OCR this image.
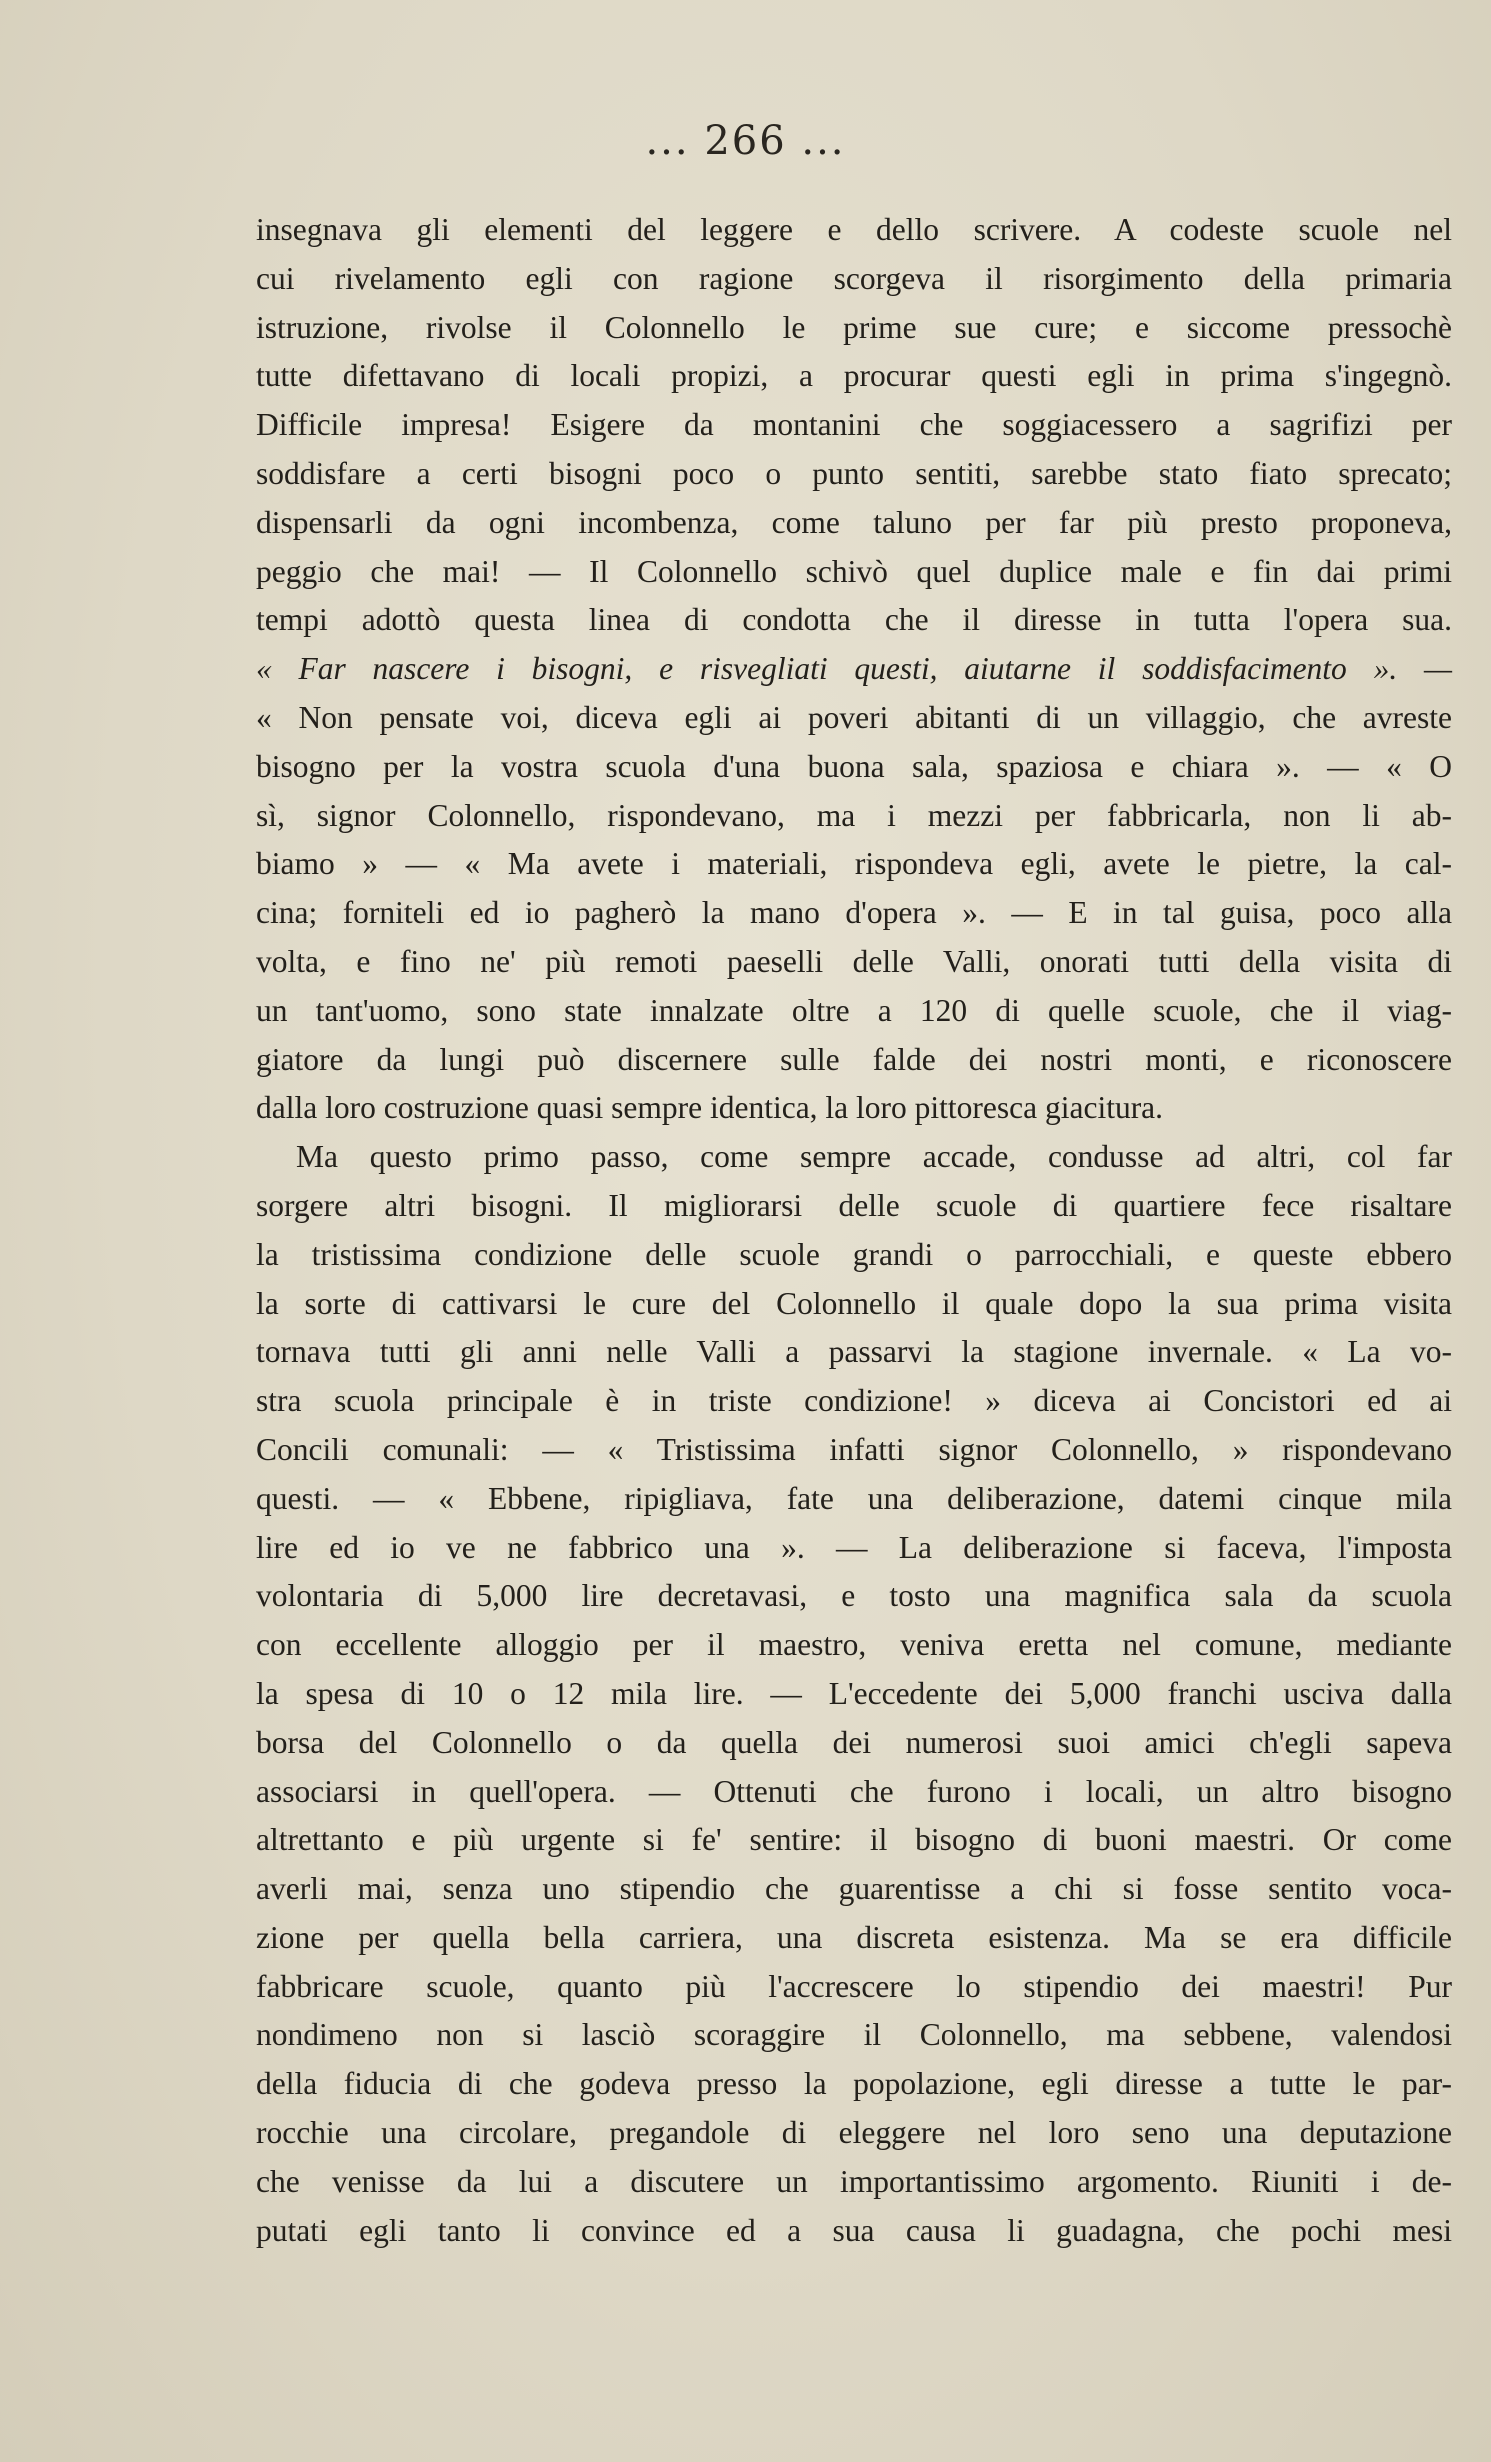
... 266 ...
insegnava gli elementi del leggere e dello scrivere. A codeste scuole nel
cui rivelamento egli con ragione scorgeva il risorgimento della primaria
istruzione, rivolse il Colonnello le prime sue cure; e siccome pressochè
tutte difettavano di locali propizi, a procurar questi egli in prima s'ingegnò.
Difficile impresa! Esigere da montanini che soggiacessero a sagrifizi per
soddisfare a certi bisogni poco o punto sentiti, sarebbe stato fiato sprecato;
dispensarli da ogni incombenza, come taluno per far più presto proponeva,
peggio che mai! — Il Colonnello schivò quel duplice male e fin dai primi
tempi adottò questa linea di condotta che il diresse in tutta l'opera sua.
« Far nascere i bisogni, e risvegliati questi, aiutarne il soddisfacimento ». —
« Non pensate voi, diceva egli ai poveri abitanti di un villaggio, che avreste
bisogno per la vostra scuola d'una buona sala, spaziosa e chiara ». — « O
sì, signor Colonnello, rispondevano, ma i mezzi per fabbricarla, non li ab-
biamo » — « Ma avete i materiali, rispondeva egli, avete le pietre, la cal-
cina; forniteli ed io pagherò la mano d'opera ». — E in tal guisa, poco alla
volta, e fino ne' più remoti paeselli delle Valli, onorati tutti della visita di
un tant'uomo, sono state innalzate oltre a 120 di quelle scuole, che il viag-
giatore da lungi può discernere sulle falde dei nostri monti, e riconoscere
dalla loro costruzione quasi sempre identica, la loro pittoresca giacitura.
Ma questo primo passo, come sempre accade, condusse ad altri, col far
sorgere altri bisogni. Il migliorarsi delle scuole di quartiere fece risaltare
la tristissima condizione delle scuole grandi o parrocchiali, e queste ebbero
la sorte di cattivarsi le cure del Colonnello il quale dopo la sua prima visita
tornava tutti gli anni nelle Valli a passarvi la stagione invernale. « La vo-
stra scuola principale è in triste condizione! » diceva ai Concistori ed ai
Concili comunali: — « Tristissima infatti signor Colonnello, » rispondevano
questi. — « Ebbene, ripigliava, fate una deliberazione, datemi cinque mila
lire ed io ve ne fabbrico una ». — La deliberazione si faceva, l'imposta
volontaria di 5,000 lire decretavasi, e tosto una magnifica sala da scuola
con eccellente alloggio per il maestro, veniva eretta nel comune, mediante
la spesa di 10 o 12 mila lire. — L'eccedente dei 5,000 franchi usciva dalla
borsa del Colonnello o da quella dei numerosi suoi amici ch'egli sapeva
associarsi in quell'opera. — Ottenuti che furono i locali, un altro bisogno
altrettanto e più urgente si fe' sentire: il bisogno di buoni maestri. Or come
averli mai, senza uno stipendio che guarentisse a chi si fosse sentito voca-
zione per quella bella carriera, una discreta esistenza. Ma se era difficile
fabbricare scuole, quanto più l'accrescere lo stipendio dei maestri! Pur
nondimeno non si lasciò scoraggire il Colonnello, ma sebbene, valendosi
della fiducia di che godeva presso la popolazione, egli diresse a tutte le par-
rocchie una circolare, pregandole di eleggere nel loro seno una deputazione
che venisse da lui a discutere un importantissimo argomento. Riuniti i de-
putati egli tanto li convince ed a sua causa li guadagna, che pochi mesi
